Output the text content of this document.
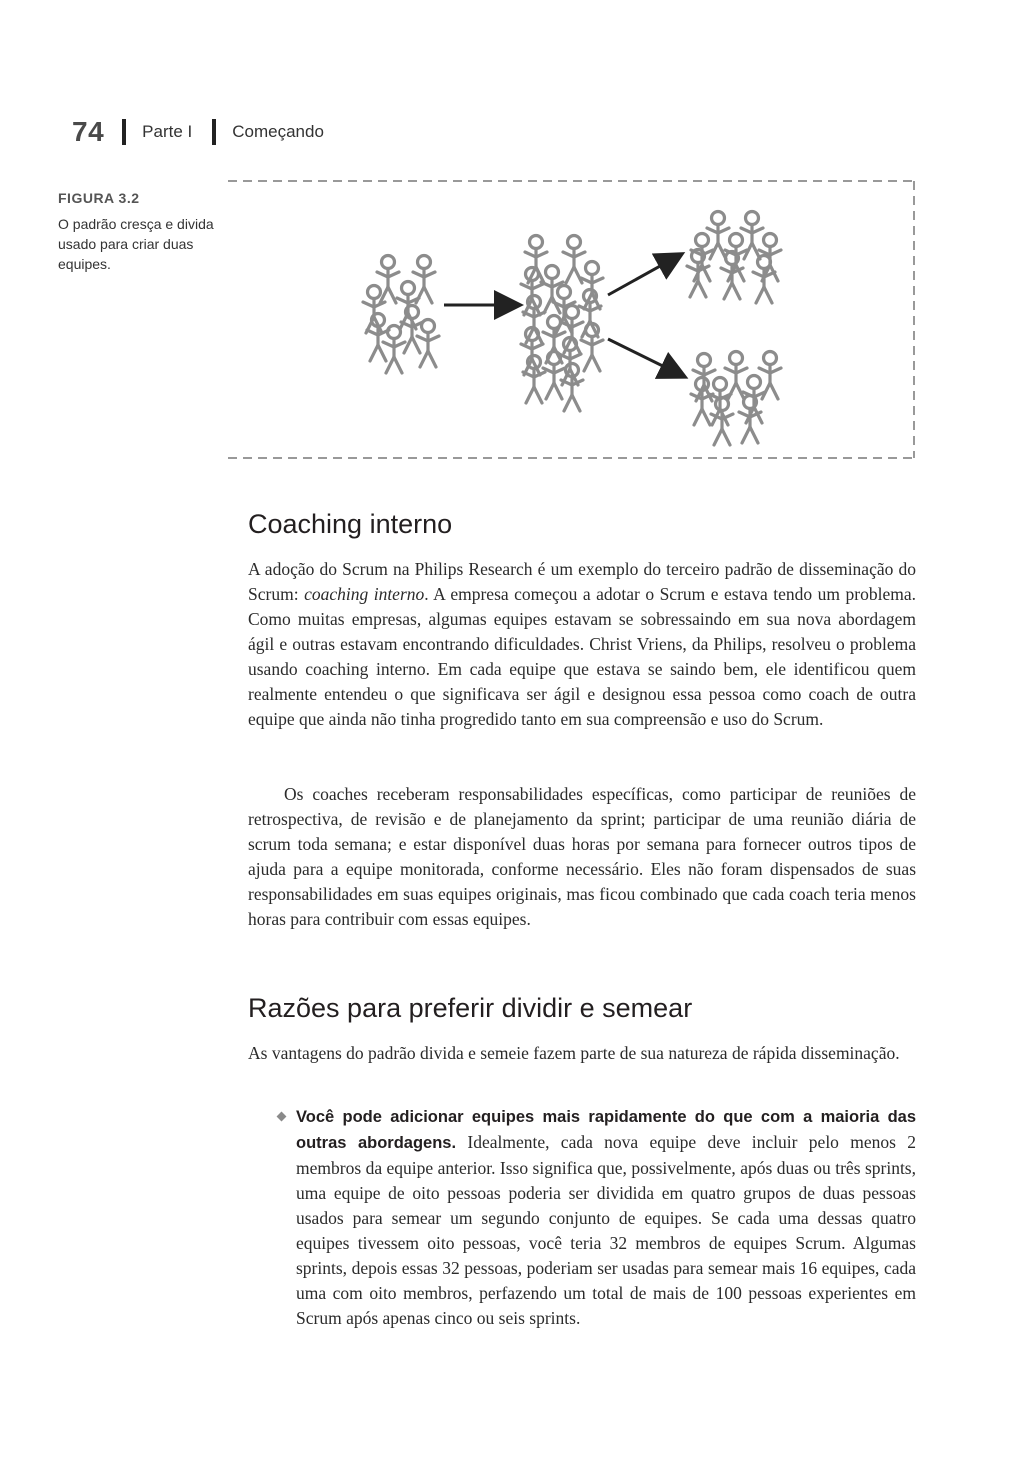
74 Parte I Começando
FIGURA 3.2
O padrão cresça e divida usado para criar duas equipes.
Coaching interno

A adoção do Scrum na Philips Research é um exemplo do terceiro padrão de disseminação do Scrum: coaching interno. A empresa começou a adotar o Scrum e estava tendo um problema. Como muitas empresas, algumas equipes estavam se sobressaindo em sua nova abordagem ágil e outras estavam encontrando dificuldades. Christ Vriens, da Philips, resolveu o problema usando coaching interno. Em cada equipe que estava se saindo bem, ele identificou quem realmente entendeu o que significava ser ágil e designou essa pessoa como coach de outra equipe que ainda não tinha progredido tanto em sua compreensão e uso do Scrum.

Os coaches receberam responsabilidades específicas, como participar de reuniões de retrospectiva, de revisão e de planejamento da sprint; participar de uma reunião diária de scrum toda semana; e estar disponível duas horas por semana para fornecer outros tipos de ajuda para a equipe monitorada, conforme necessário. Eles não foram dispensados de suas responsabilidades em suas equipes originais, mas ficou combinado que cada coach teria menos horas para contribuir com essas equipes.

Razões para preferir dividir e semear

As vantagens do padrão divida e semeie fazem parte de sua natureza de rápida disseminação.

Você pode adicionar equipes mais rapidamente do que com a maioria das outras abordagens. Idealmente, cada nova equipe deve incluir pelo menos 2 membros da equipe anterior. Isso significa que, possivelmente, após duas ou três sprints, uma equipe de oito pessoas poderia ser dividida em quatro grupos de duas pessoas usados para semear um segundo conjunto de equipes. Se cada uma dessas quatro equipes tivessem oito pessoas, você teria 32 membros de equipes Scrum. Algumas sprints, depois essas 32 pessoas, poderiam ser usadas para semear mais 16 equipes, cada uma com oito membros, perfazendo um total de mais de 100 pessoas experientes em Scrum após apenas cinco ou seis sprints.
